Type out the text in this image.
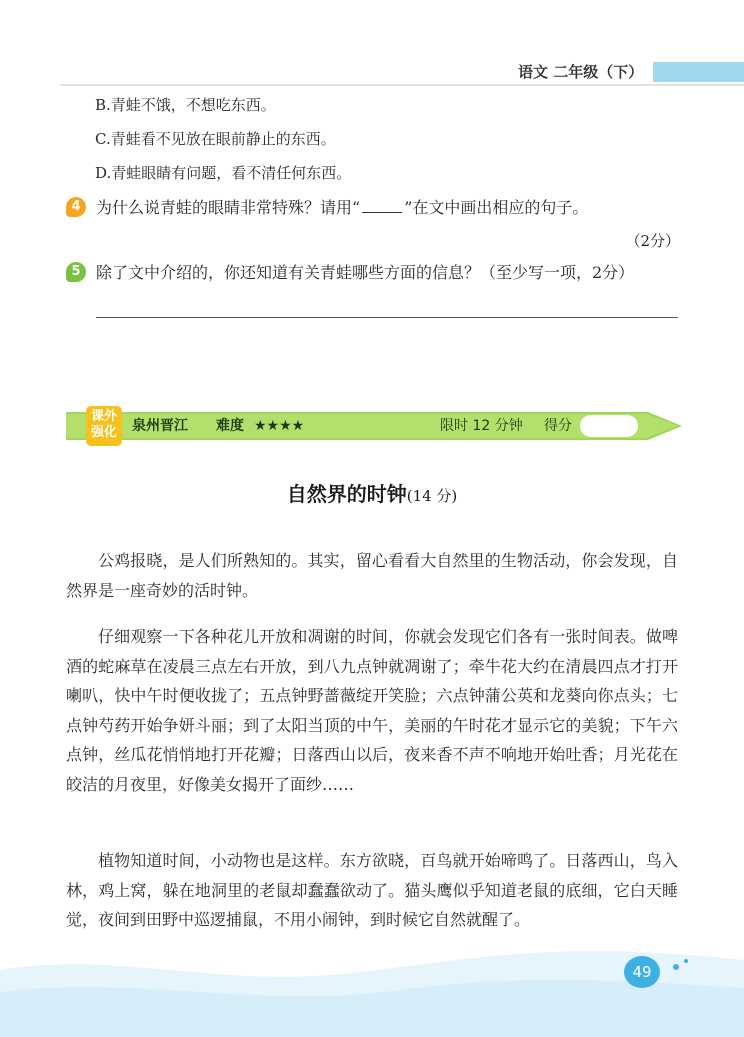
语文 二年级（下）
B.青蛙不饿，不想吃东西。
C.青蛙看不见放在眼前静止的东西。
D.青蛙眼睛有问题，看不清任何东西。
4 为什么说青蛙的眼睛非常特殊？请用“	”在文中画出相应的句子。
（2分）
5 除了文中介绍的，你还知道有关青蛙哪些方面的信息？（至少写一项，2分）
课外强化	泉州晋江 难度 ★★★★	限时 12 分钟 得分
自然界的时钟(14 分)

公鸡报晓，是人们所熟知的。其实，留心看看大自然里的生物活动，你会发现，自然界是一座奇妙的活时钟。

仔细观察一下各种花儿开放和凋谢的时间，你就会发现它们各有一张时间表。做啤酒的蛇麻草在凌晨三点左右开放，到八九点钟就凋谢了；牵牛花大约在清晨四点才打开喇叭，快中午时便收拢了；五点钟野蔷薇绽开笑脸；六点钟蒲公英和龙葵向你点头；七点钟芍药开始争妍斗丽；到了太阳当顶的中午，美丽的午时花才显示它的美貌；下午六点钟，丝瓜花悄悄地打开花瓣；日落西山以后，夜来香不声不响地开始吐香；月光花在皎洁的月夜里，好像美女揭开了面纱……

植物知道时间，小动物也是这样。东方欲晓，百鸟就开始啼鸣了。日落西山，鸟入林，鸡上窝，躲在地洞里的老鼠却蠢蠢欲动了。猫头鹰似乎知道老鼠的底细，它白天睡觉，夜间到田野中巡逻捕鼠，不用小闹钟，到时候它自然就醒了。

49
